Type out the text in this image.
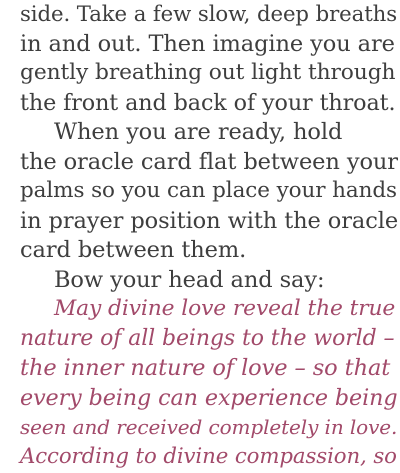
side. Take a few slow, deep breaths
in and out. Then imagine you are
gently breathing out light through
the front and back of your throat.
When you are ready, hold
the oracle card flat between your
palms so you can place your hands
in prayer position with the oracle
card between them.
Bow your head and say:
May divine love reveal the true
nature of all beings to the world –
the inner nature of love – so that
every being can experience being
seen and received completely in love.
According to divine compassion, so
